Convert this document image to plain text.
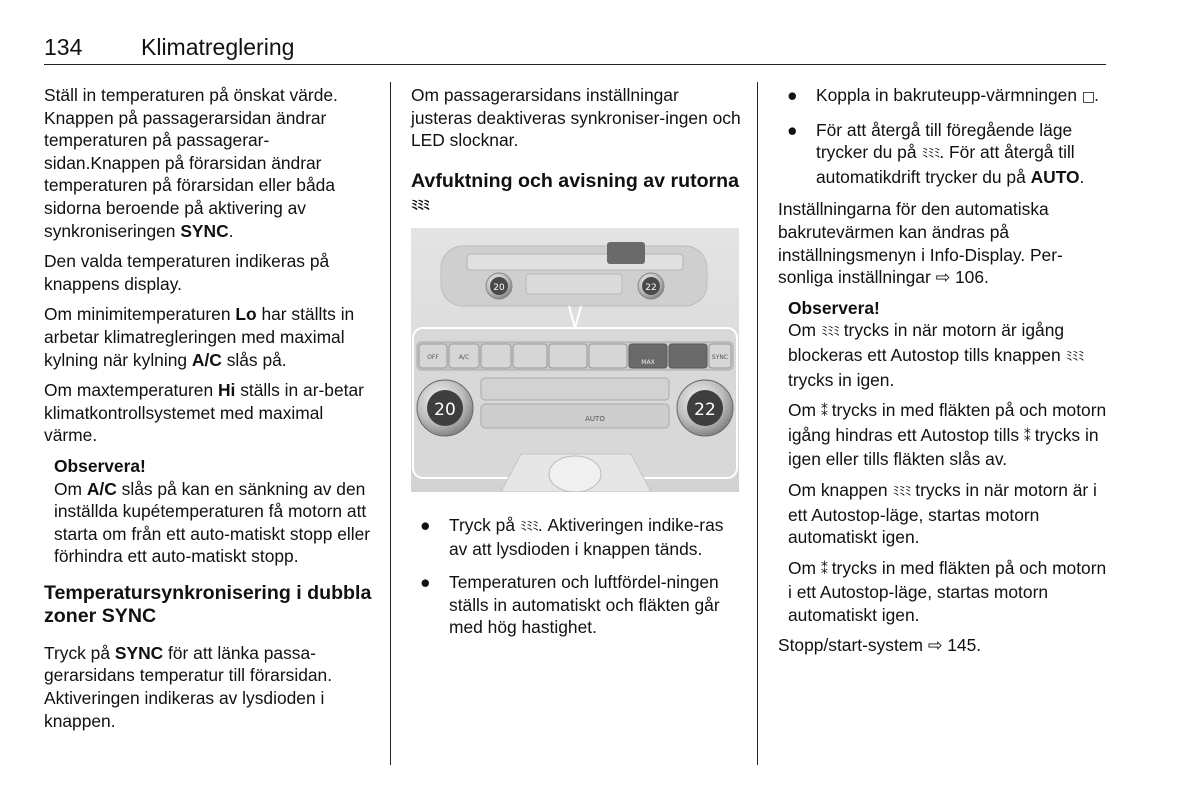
134	Klimatreglering

Ställ in temperaturen på önskat värde. Knappen på passagerarsidan ändrar temperaturen på passagerar-sidan.Knappen på förarsidan ändrar temperaturen på förarsidan eller båda sidorna beroende på aktivering av synkroniseringen SYNC.

Den valda temperaturen indikeras på knappens display.

Om minimitemperaturen Lo har ställts in arbetar klimatregleringen med maximal kylning när kylning A/C slås på.

Om maxtemperaturen Hi ställs in ar-betar klimatkontrollsystemet med maximal värme.

Observera!

Om A/C slås på kan en sänkning av den inställda kupétemperaturen få motorn att starta om från ett auto-matiskt stopp eller förhindra ett auto-matiskt stopp.

Temperatursynkronisering i dubbla zoner SYNC

Tryck på SYNC för att länka passa-gerarsidans temperatur till förarsidan. Aktiveringen indikeras av lysdioden i knappen.

Om passagerarsidans inställningar justeras deaktiveras synkroniser-ingen och LED slocknar.

Avfuktning och avisning av rutorna ﾐﾐﾐ
20	22
OFF	A/C
MAX
SYNC
AUTO
20	22
● Tryck på ﾐﾐﾐ. Aktiveringen indike-ras av att lysdioden i knappen tänds.
● Temperaturen och luftfördel-ningen ställs in automatiskt och fläkten går med hög hastighet.
● Koppla in bakruteupp-värmningen □.
● För att återgå till föregående läge trycker du på ﾐﾐﾐ. För att återgå till automatikdrift trycker du på AUTO.

Inställningarna för den automatiska bakrutevärmen kan ändras på inställningsmenyn i Info-Display. Per-sonliga inställningar ⇨ 106.

Observera!

Om ﾐﾐﾐ trycks in när motorn är igång blockeras ett Autostop tills knappen ﾐﾐﾐ trycks in igen.

Om ⁑ trycks in med fläkten på och motorn igång hindras ett Autostop tills ⁑ trycks in igen eller tills fläkten slås av.

Om knappen ﾐﾐﾐ trycks in när motorn är i ett Autostop-läge, startas motorn automatiskt igen.

Om ⁑ trycks in med fläkten på och motorn i ett Autostop-läge, startas motorn automatiskt igen.

Stopp/start-system ⇨ 145.
